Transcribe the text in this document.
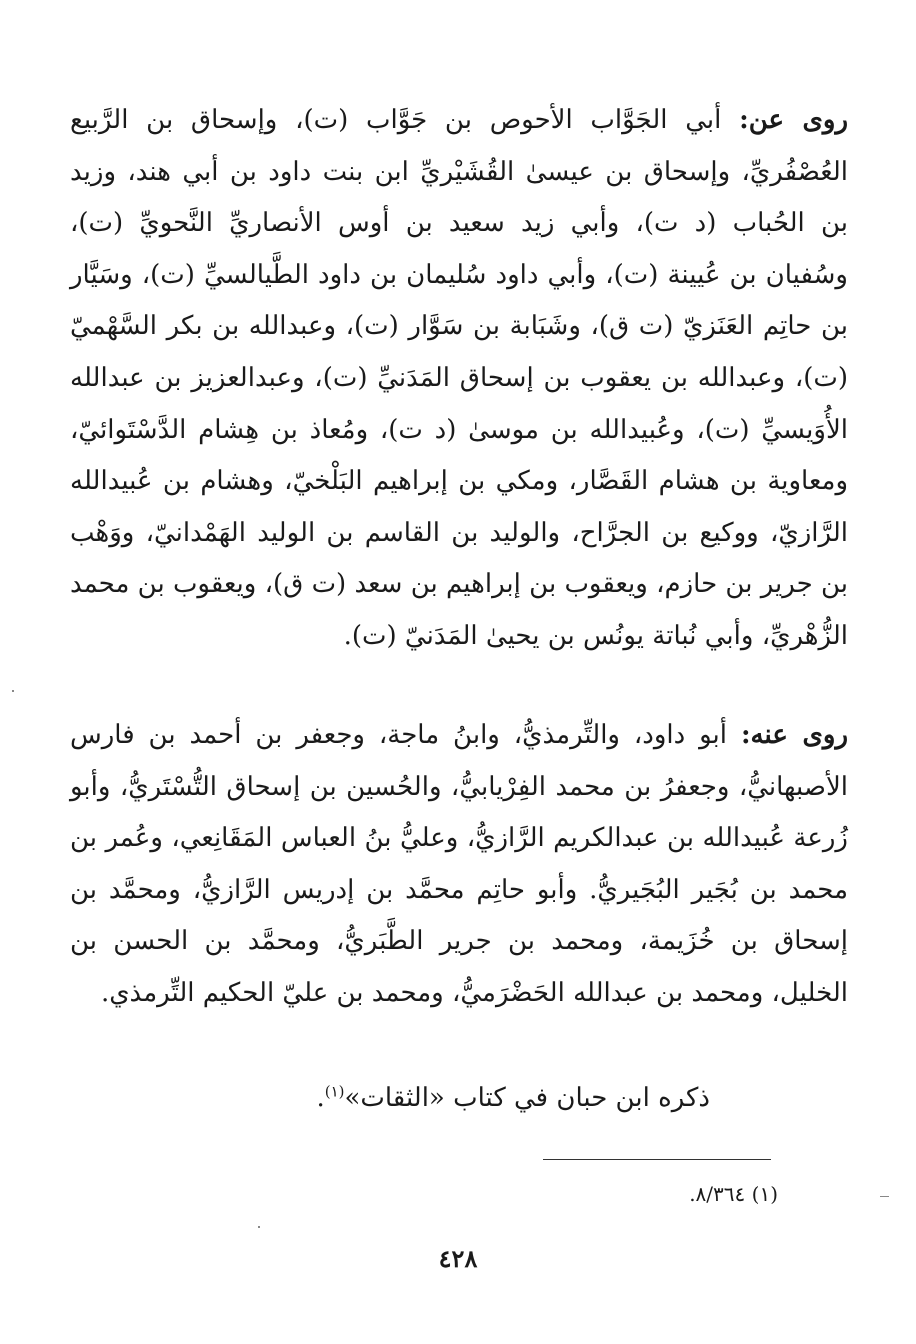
روى عن: أبي الجَوَّاب الأحوص بن جَوَّاب (ت)، وإسحاق بن الرَّبيع العُصْفُريِّ، وإسحاق بن عيسىٰ القُشَيْريِّ ابن بنت داود بن أبي هند، وزيد بن الحُباب (د ت)، وأبي زيد سعيد بن أوس الأنصاريِّ النَّحويِّ (ت)، وسُفيان بن عُيينة (ت)، وأبي داود سُليمان بن داود الطَّيالسيِّ (ت)، وسَيَّار بن حاتِم العَنَزيّ (ت ق)، وشَبَابة بن سَوَّار (ت)، وعبدالله بن بكر السَّهْميّ (ت)، وعبدالله بن يعقوب بن إسحاق المَدَنيِّ (ت)، وعبدالعزيز بن عبدالله الأُوَيسيِّ (ت)، وعُبيدالله بن موسىٰ (د ت)، ومُعاذ بن هِشام الدَّسْتَوائيّ، ومعاوية بن هشام القَصَّار، ومكي بن إبراهيم البَلْخيّ، وهشام بن عُبيدالله الرَّازيّ، ووكيع بن الجرَّاح، والوليد بن القاسم بن الوليد الهَمْدانيّ، ووَهْب بن جرير بن حازم، ويعقوب بن إبراهيم بن سعد (ت ق)، ويعقوب بن محمد الزُّهْريِّ، وأبي نُباتة يونُس بن يحيىٰ المَدَنيّ (ت).

روى عنه: أبو داود، والتِّرمذيُّ، وابنُ ماجة، وجعفر بن أحمد بن فارس الأصبهانيُّ، وجعفرُ بن محمد الفِرْيابيُّ، والحُسين بن إسحاق التُّسْتَريُّ، وأبو زُرعة عُبيدالله بن عبدالكريم الرَّازيُّ، وعليُّ بنُ العباس المَقَانِعي، وعُمر بن محمد بن بُجَير البُجَيريُّ. وأبو حاتِم محمَّد بن إدريس الرَّازيُّ، ومحمَّد بن إسحاق بن خُزَيمة، ومحمد بن جرير الطَّبَريُّ، ومحمَّد بن الحسن بن الخليل، ومحمد بن عبدالله الحَضْرَميُّ، ومحمد بن عليّ الحكيم التِّرمذي.

ذكره ابن حبان في كتاب «الثقات»$^{(١)}$.

(١) ٨/٣٦٤.

٤٢٨
